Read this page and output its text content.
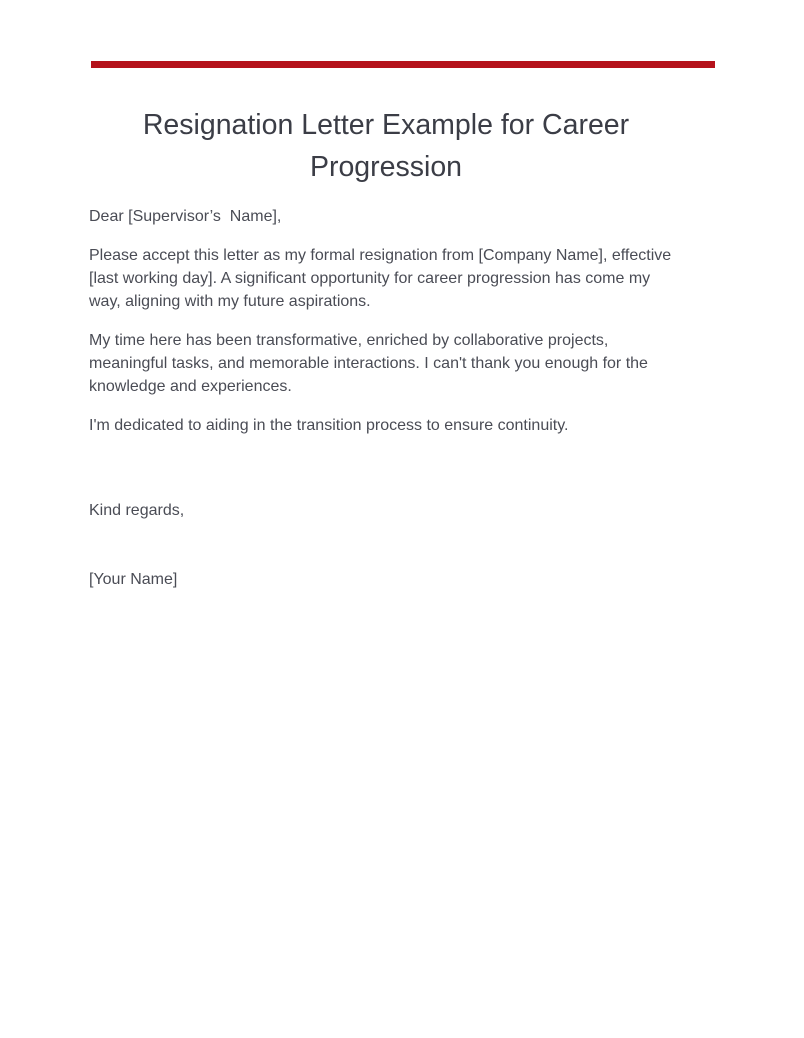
Resignation Letter Example for Career Progression

Dear [Supervisor’s  Name],

Please accept this letter as my formal resignation from [Company Name], effective [last working day]. A significant opportunity for career progression has come my way, aligning with my future aspirations.

My time here has been transformative, enriched by collaborative projects, meaningful tasks, and memorable interactions. I can't thank you enough for the knowledge and experiences.

I'm dedicated to aiding in the transition process to ensure continuity.

Kind regards,

[Your Name]
